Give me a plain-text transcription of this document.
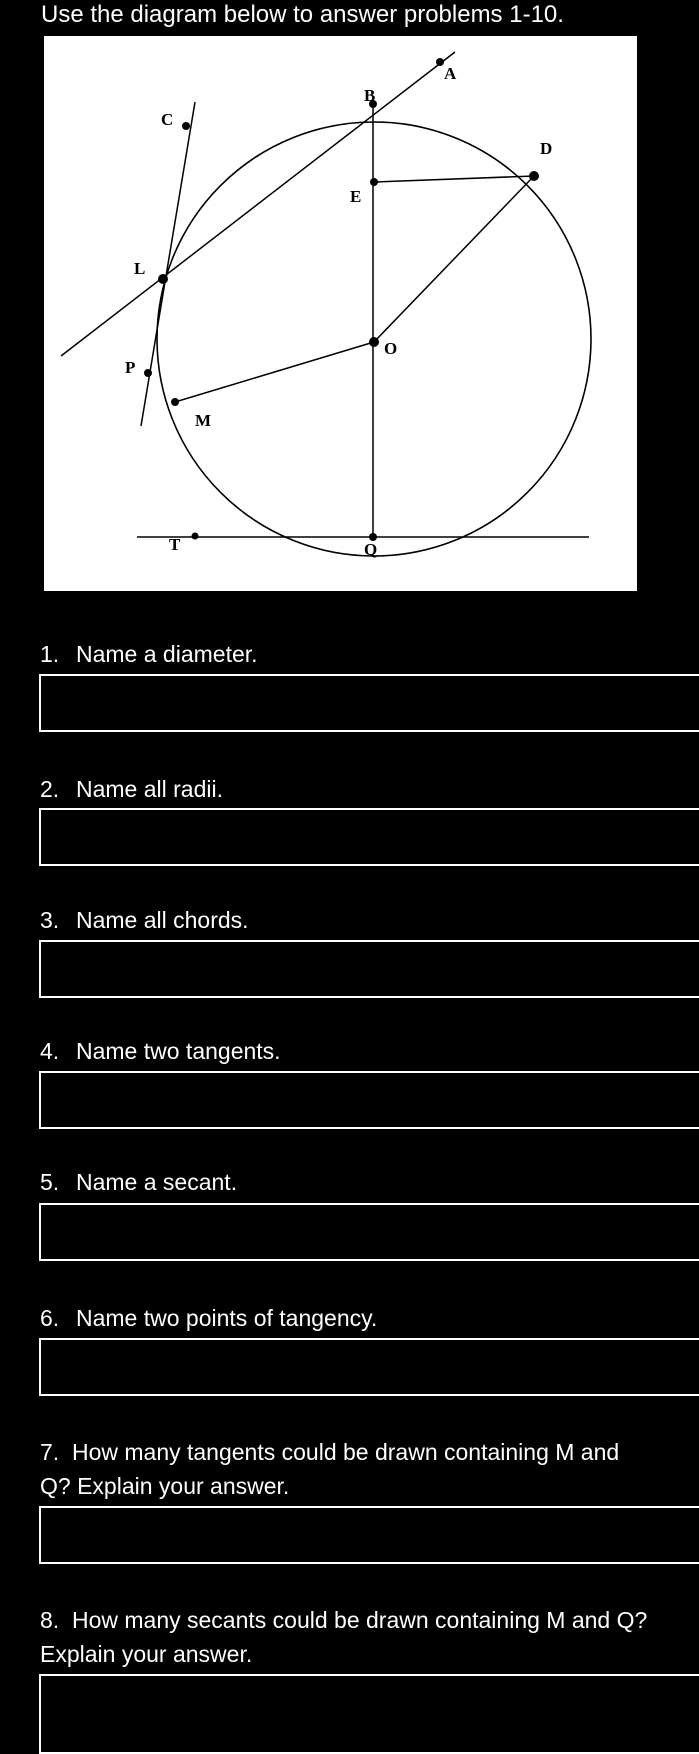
Use the diagram below to answer problems 1-10.
A
B
C
D
E
L
O
P
M
T	Q
1. Name a diameter.
2. Name all radii.
3. Name all chords.
4. Name two tangents.
5. Name a secant.
6. Name two points of tangency.
7. How many tangents could be drawn containing M and Q? Explain your answer.
8. How many secants could be drawn containing M and Q? Explain your answer.
